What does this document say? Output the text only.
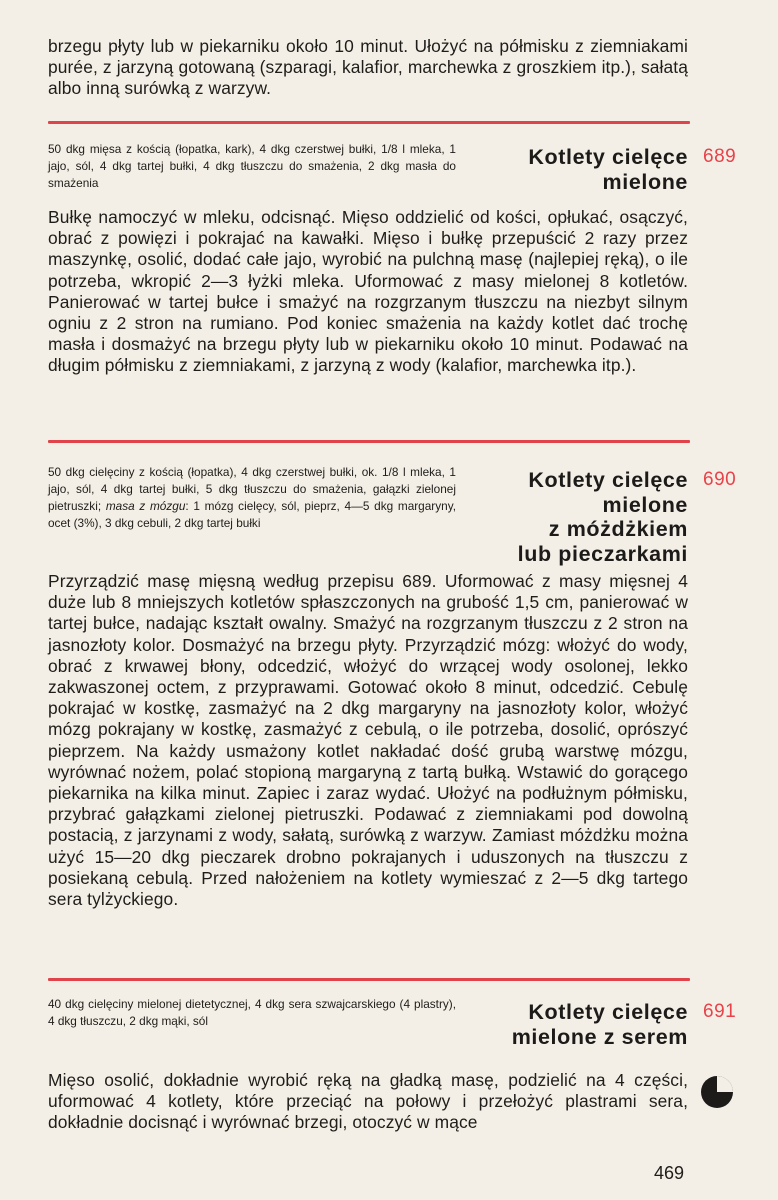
brzegu płyty lub w piekarniku około 10 minut. Ułożyć na półmisku z ziemniakami purée, z jarzyną gotowaną (szparagi, kalafior, marchewka z groszkiem itp.), sałatą albo inną surówką z warzyw.
50 dkg mięsa z kością (łopatka, kark), 4 dkg czerstwej bułki, 1/8 l mleka, 1 jajo, sól, 4 dkg tartej bułki, 4 dkg tłuszczu do smażenia, 2 dkg masła do smażenia
Kotlety cielęce
mielone
689
Bułkę namoczyć w mleku, odcisnąć. Mięso oddzielić od kości, opłukać, osączyć, obrać z powięzi i pokrajać na kawałki. Mięso i bułkę przepuścić 2 razy przez maszynkę, osolić, dodać całe jajo, wyrobić na pulchną masę (najlepiej ręką), o ile potrzeba, wkropić 2—3 łyżki mleka. Uformować z masy mielonej 8 kotletów. Panierować w tartej bułce i smażyć na rozgrzanym tłuszczu na niezbyt silnym ogniu z 2 stron na rumiano. Pod koniec smażenia na każdy kotlet dać trochę masła i dosmażyć na brzegu płyty lub w piekarniku około 10 minut. Podawać na długim półmisku z ziemniakami, z jarzyną z wody (kalafior, marchewka itp.).
50 dkg cielęciny z kością (łopatka), 4 dkg czerstwej bułki, ok. 1/8 l mleka, 1 jajo, sól, 4 dkg tartej bułki, 5 dkg tłuszczu do smażenia, gałązki zielonej pietruszki; masa z mózgu: 1 mózg cielęcy, sól, pieprz, 4—5 dkg margaryny, ocet (3%), 3 dkg cebuli, 2 dkg tartej bułki
Kotlety cielęce
mielone
z móżdżkiem
lub pieczarkami
690
Przyrządzić masę mięsną według przepisu 689. Uformować z masy mięsnej 4 duże lub 8 mniejszych kotletów spłaszczonych na grubość 1,5 cm, panierować w tartej bułce, nadając kształt owalny. Smażyć na rozgrzanym tłuszczu z 2 stron na jasnozłoty kolor. Dosmażyć na brzegu płyty. Przyrządzić mózg: włożyć do wody, obrać z krwawej błony, odcedzić, włożyć do wrzącej wody osolonej, lekko zakwaszonej octem, z przyprawami. Gotować około 8 minut, odcedzić. Cebulę pokrajać w kostkę, zasmażyć na 2 dkg margaryny na jasnozłoty kolor, włożyć mózg pokrajany w kostkę, zasmażyć z cebulą, o ile potrzeba, dosolić, oprószyć pieprzem. Na każdy usmażony kotlet nakładać dość grubą warstwę mózgu, wyrównać nożem, polać stopioną margaryną z tartą bułką. Wstawić do gorącego piekarnika na kilka minut. Zapiec i zaraz wydać. Ułożyć na podłużnym półmisku, przybrać gałązkami zielonej pietruszki. Podawać z ziemniakami pod dowolną postacią, z jarzynami z wody, sałatą, surówką z warzyw. Zamiast móżdżku można użyć 15—20 dkg pieczarek drobno pokrajanych i uduszonych na tłuszczu z posiekaną cebulą. Przed nałożeniem na kotlety wymieszać z 2—5 dkg tartego sera tylżyckiego.
40 dkg cielęciny mielonej dietetycznej, 4 dkg sera szwajcarskiego (4 plastry), 4 dkg tłuszczu, 2 dkg mąki, sól	Kotlety cielęce
mielone z serem
691
Mięso osolić, dokładnie wyrobić ręką na gładką masę, podzielić na 4 części, uformować 4 kotlety, które przeciąć na połowy i przełożyć plastrami sera, dokładnie docisnąć i wyrównać brzegi, otoczyć w mące
469
